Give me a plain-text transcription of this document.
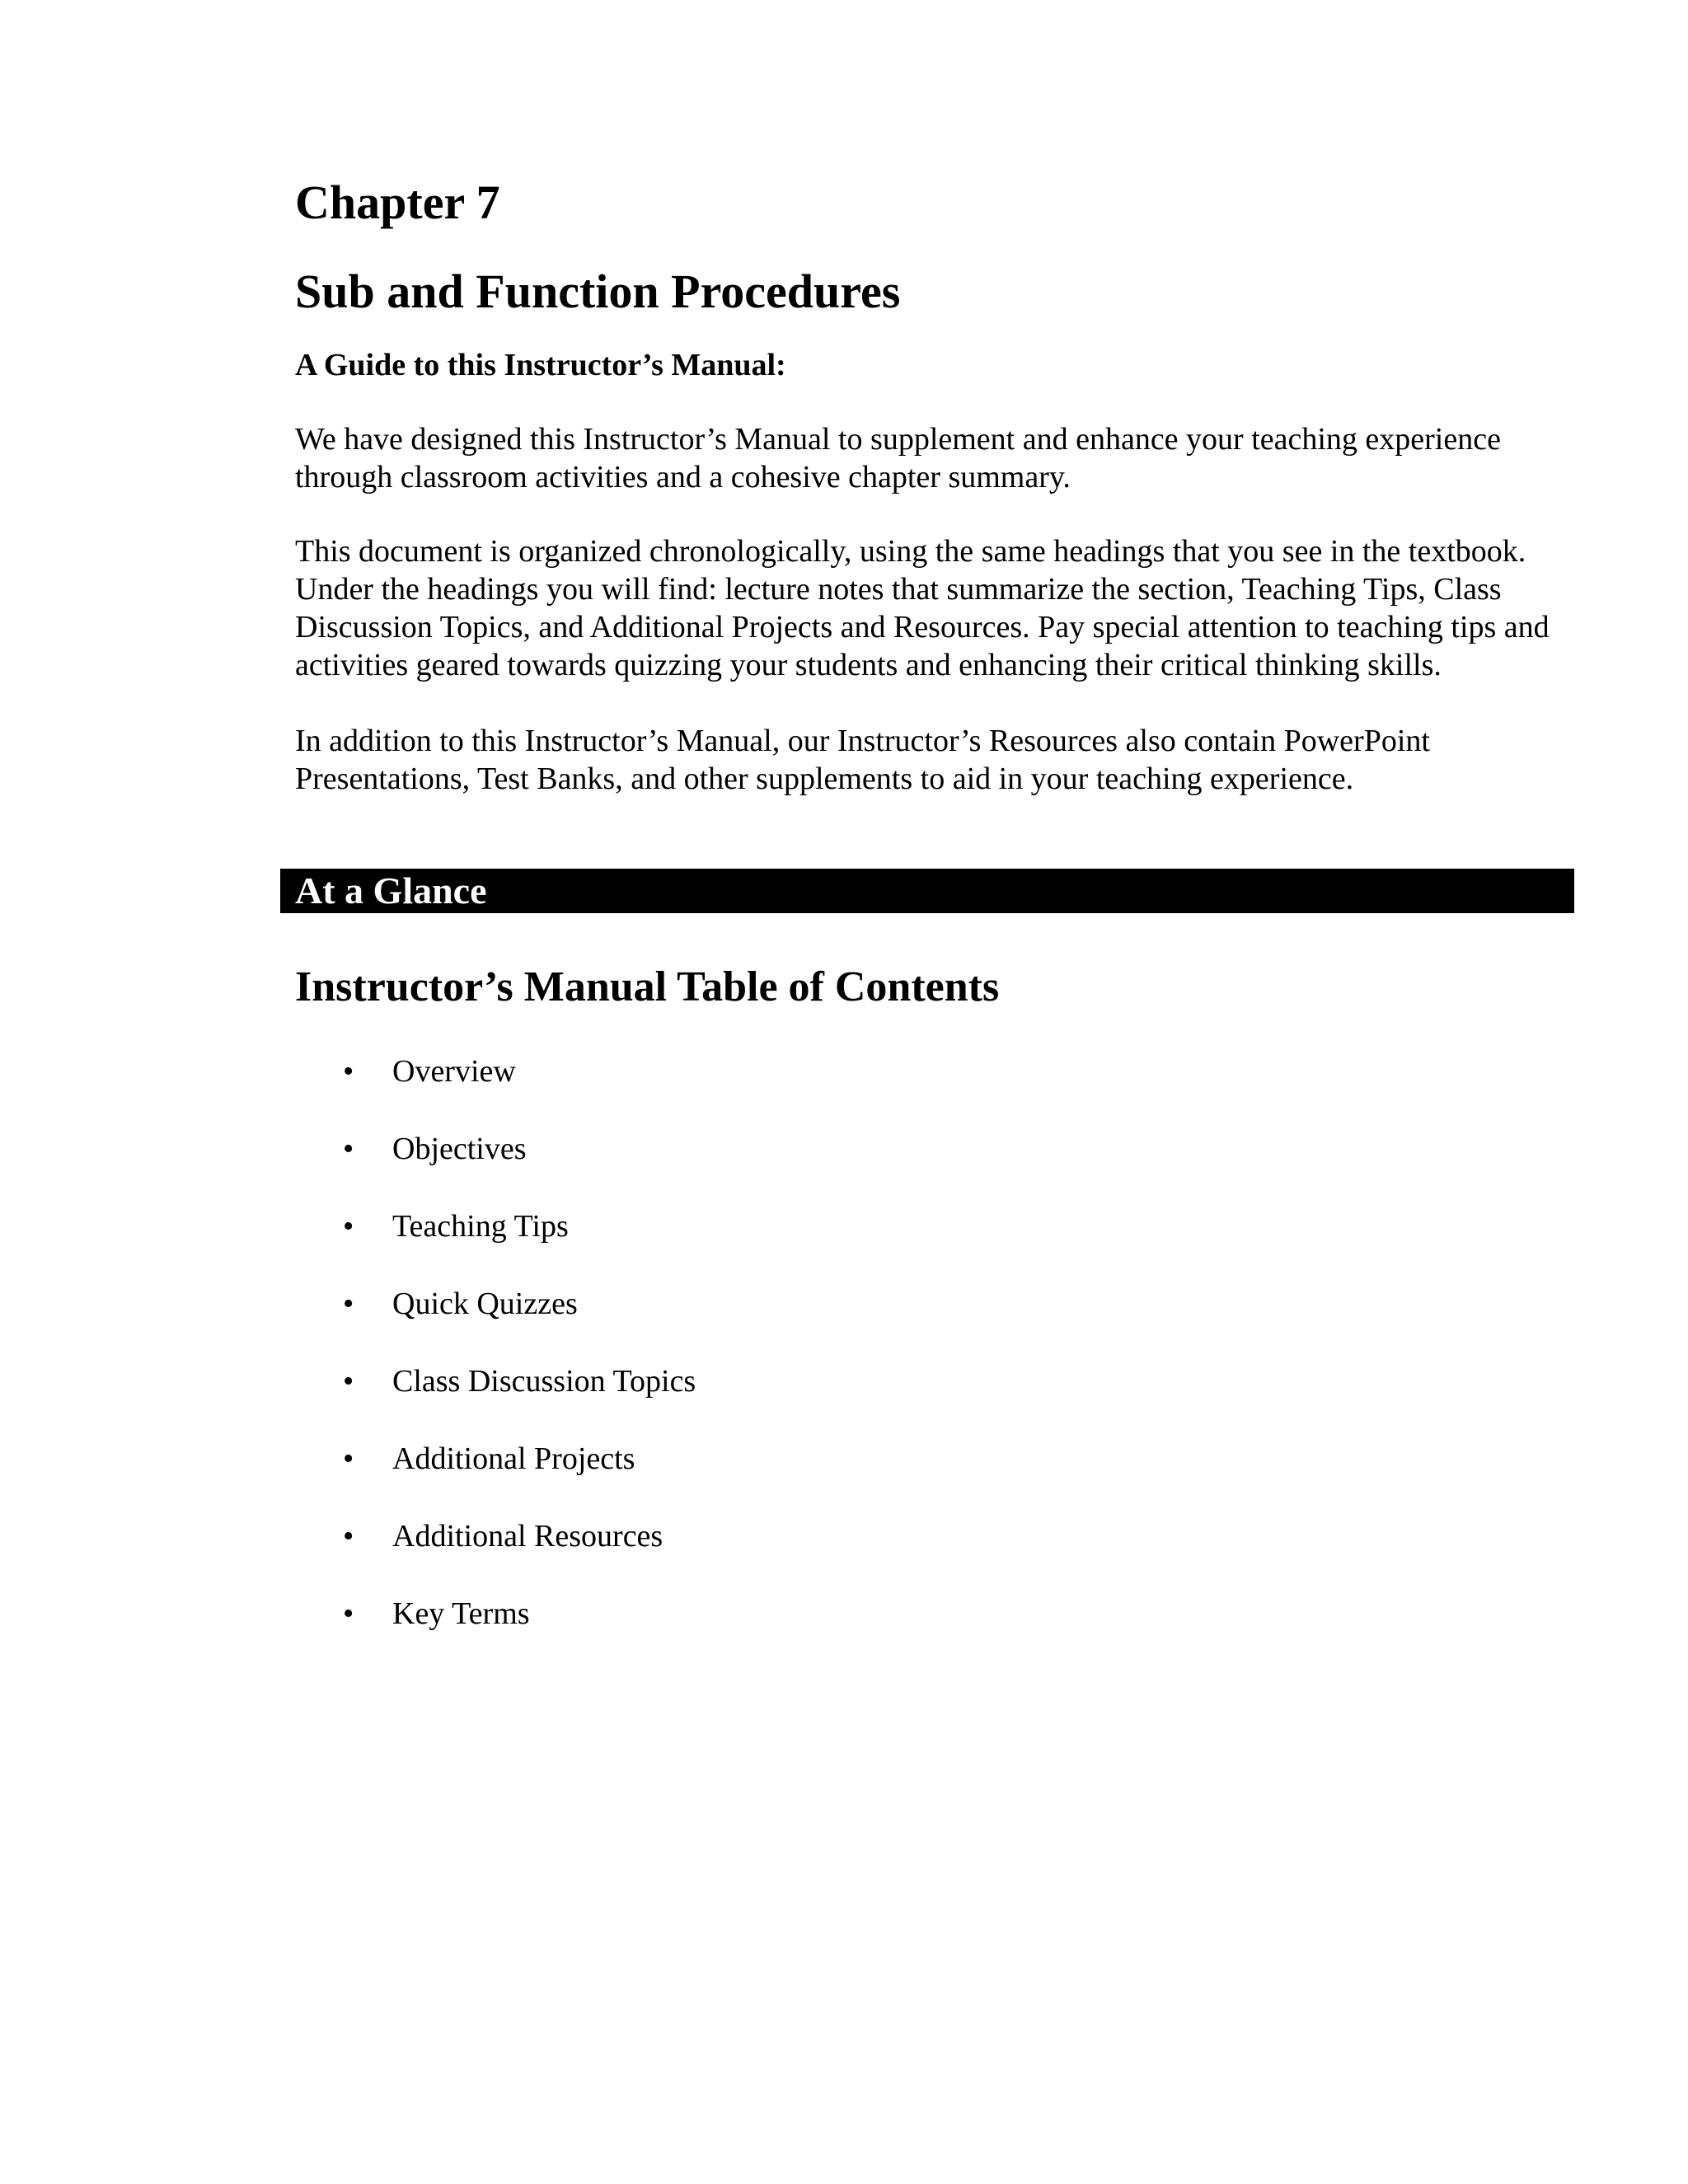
Chapter 7
Sub and Function Procedures
A Guide to this Instructor’s Manual:

We have designed this Instructor’s Manual to supplement and enhance your teaching experience through classroom activities and a cohesive chapter summary.

This document is organized chronologically, using the same headings that you see in the textbook. Under the headings you will find: lecture notes that summarize the section, Teaching Tips, Class Discussion Topics, and Additional Projects and Resources. Pay special attention to teaching tips and activities geared towards quizzing your students and enhancing their critical thinking skills.

In addition to this Instructor’s Manual, our Instructor’s Resources also contain PowerPoint Presentations, Test Banks, and other supplements to aid in your teaching experience.

At a Glance
Instructor’s Manual Table of Contents
•	Overview
•	Objectives
•	Teaching Tips
•	Quick Quizzes
•	Class Discussion Topics
•	Additional Projects
•	Additional Resources
•	Key Terms
